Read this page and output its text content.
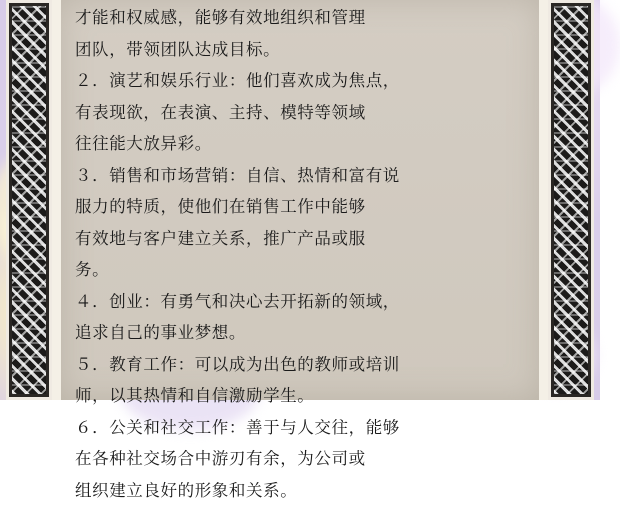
才能和权威感，能够有效地组织和管理

团队，带领团队达成目标。

２．演艺和娱乐行业：他们喜欢成为焦点，

有表现欲，在表演、主持、模特等领域

往往能大放异彩。

３．销售和市场营销：自信、热情和富有说

服力的特质，使他们在销售工作中能够

有效地与客户建立关系，推广产品或服

务。

４．创业：有勇气和决心去开拓新的领域，

追求自己的事业梦想。

５．教育工作：可以成为出色的教师或培训

师，以其热情和自信激励学生。

６．公关和社交工作：善于与人交往，能够

在各种社交场合中游刃有余，为公司或

组织建立良好的形象和关系。
